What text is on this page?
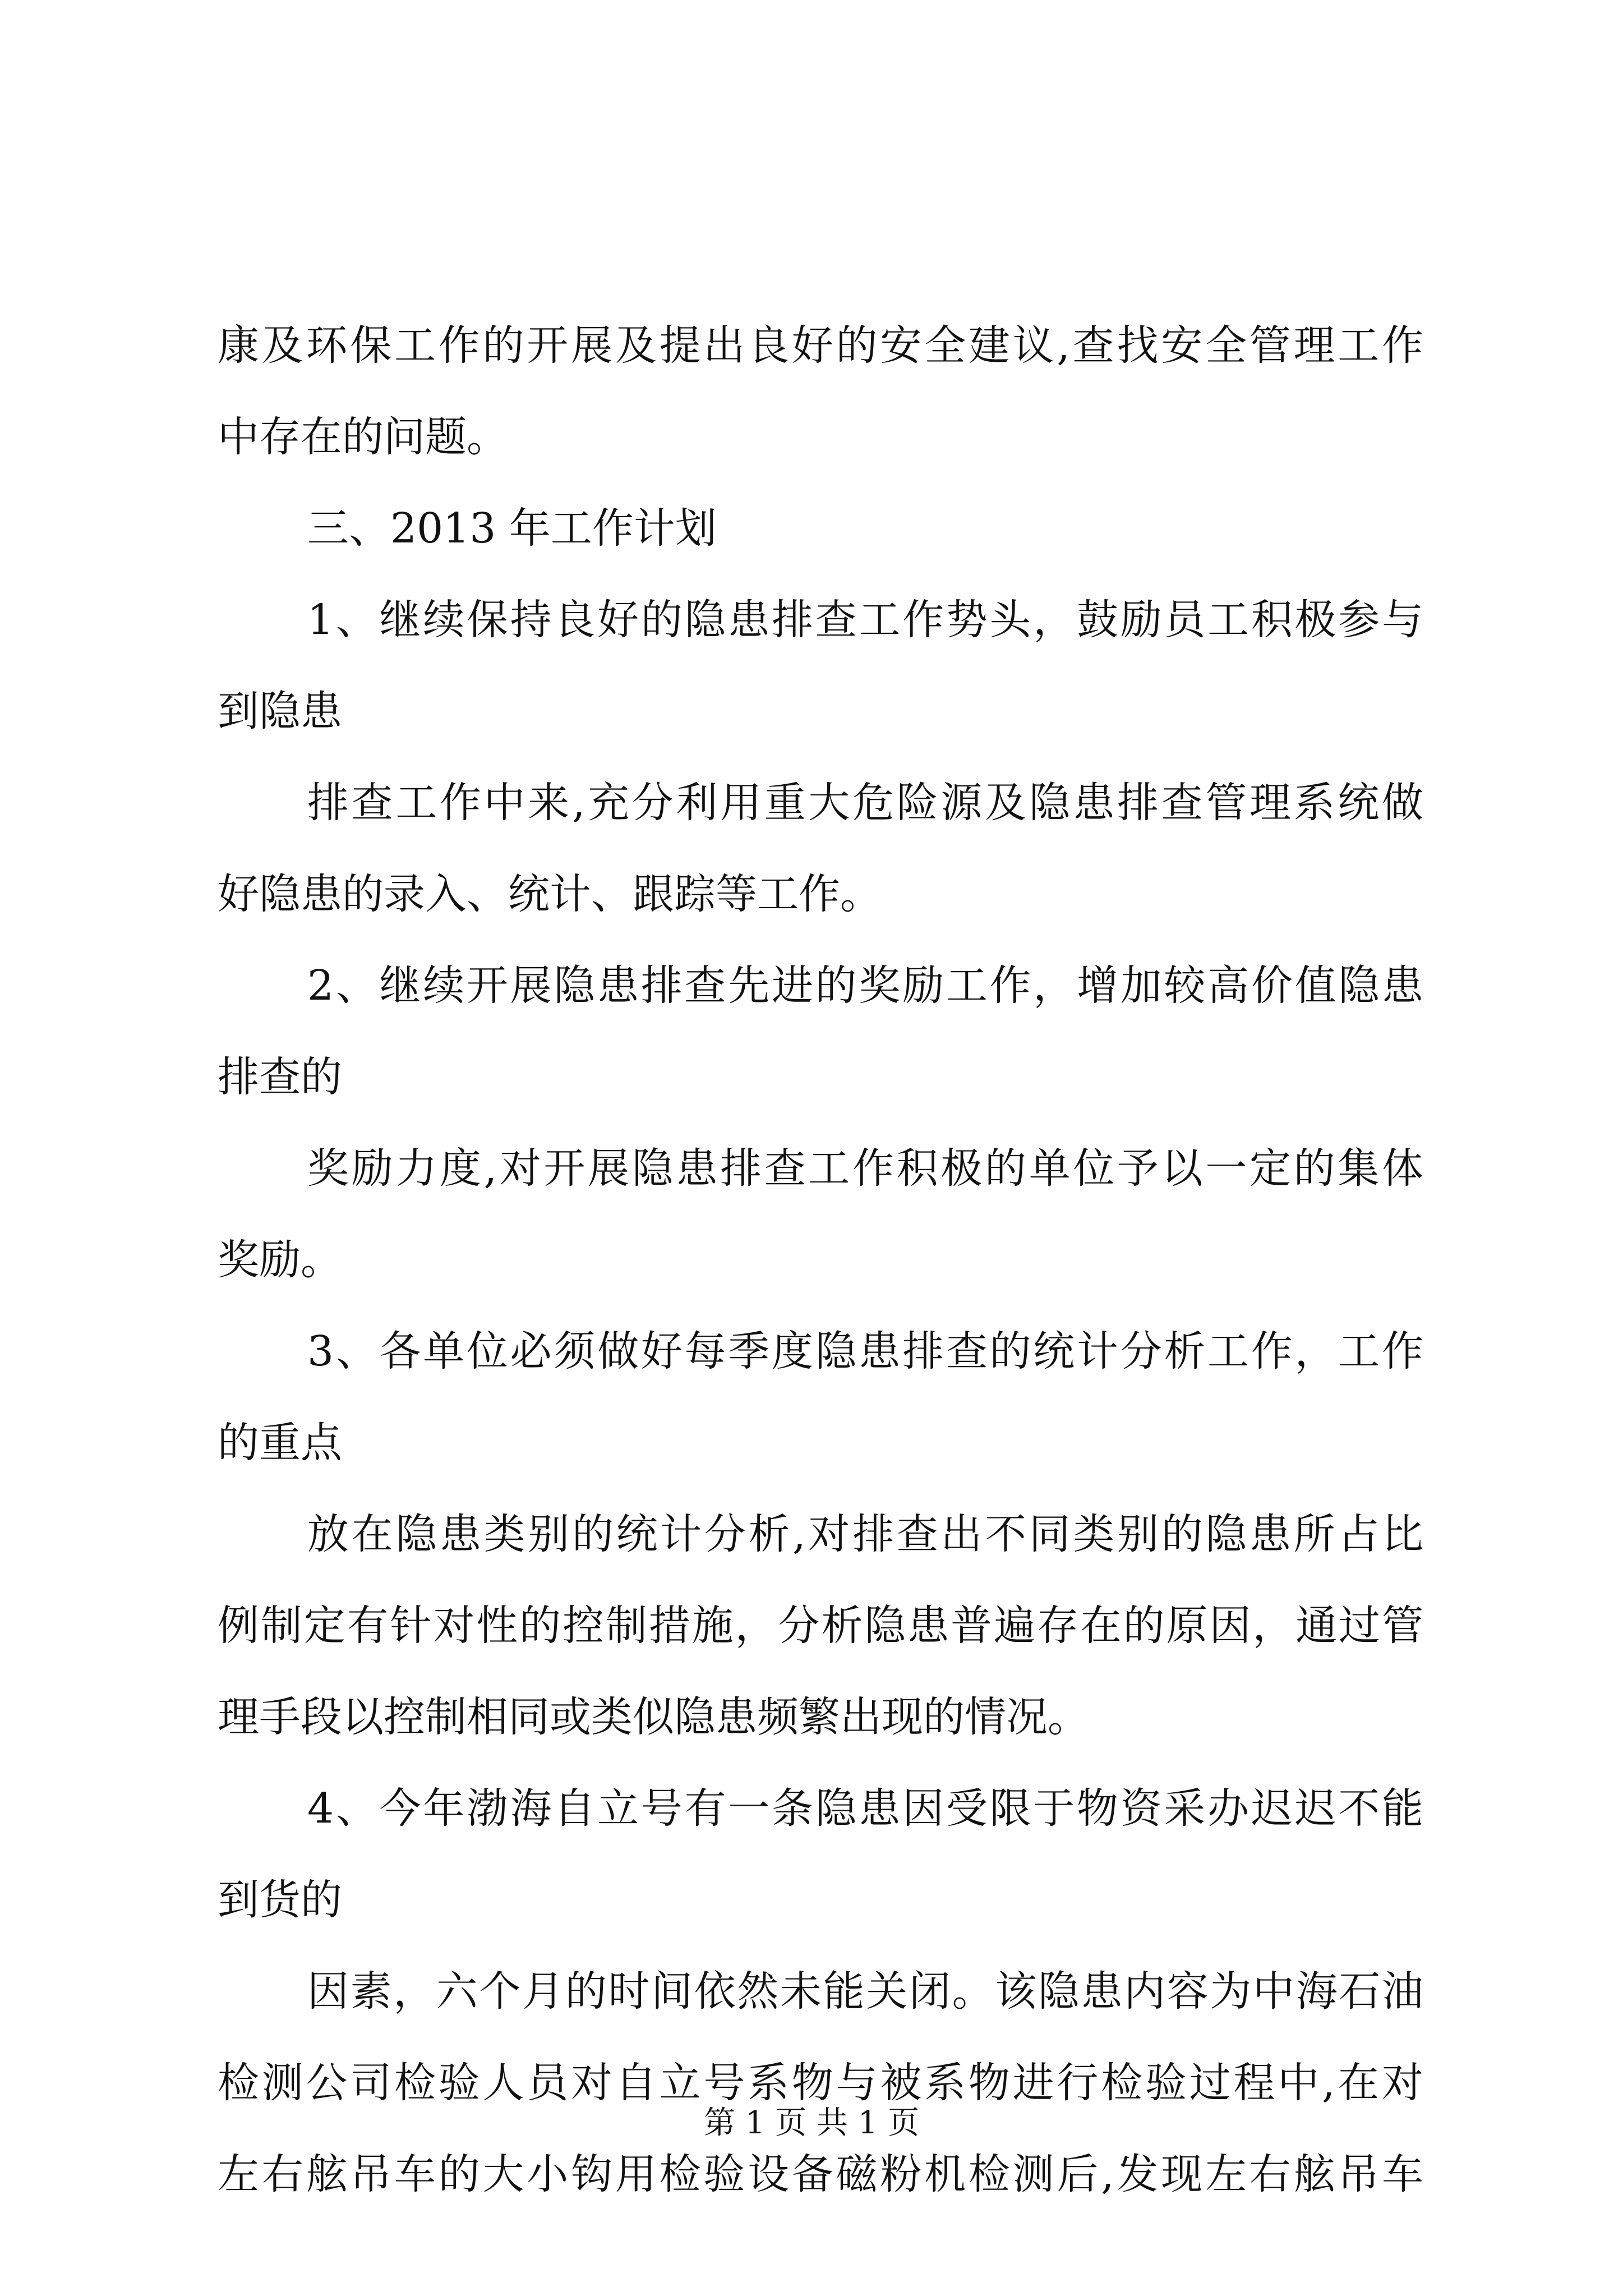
康及环保工作的开展及提出良好的安全建议,查找安全管理工作
中存在的问题。
三、2013 年工作计划
1、继续保持良好的隐患排查工作势头，鼓励员工积极参与
到隐患
排查工作中来,充分利用重大危险源及隐患排查管理系统做
好隐患的录入、统计、跟踪等工作。
2、继续开展隐患排查先进的奖励工作，增加较高价值隐患
排查的
奖励力度,对开展隐患排查工作积极的单位予以一定的集体
奖励。
3、各单位必须做好每季度隐患排查的统计分析工作，工作
的重点
放在隐患类别的统计分析,对排查出不同类别的隐患所占比
例制定有针对性的控制措施，分析隐患普遍存在的原因，通过管
理手段以控制相同或类似隐患频繁出现的情况。
4、今年渤海自立号有一条隐患因受限于物资采办迟迟不能
到货的
因素，六个月的时间依然未能关闭。该隐患内容为中海石油
检测公司检验人员对自立号系物与被系物进行检验过程中,在对
左右舷吊车的大小钩用检验设备磁粉机检测后,发现左右舷吊车
第 1 页 共 1 页
